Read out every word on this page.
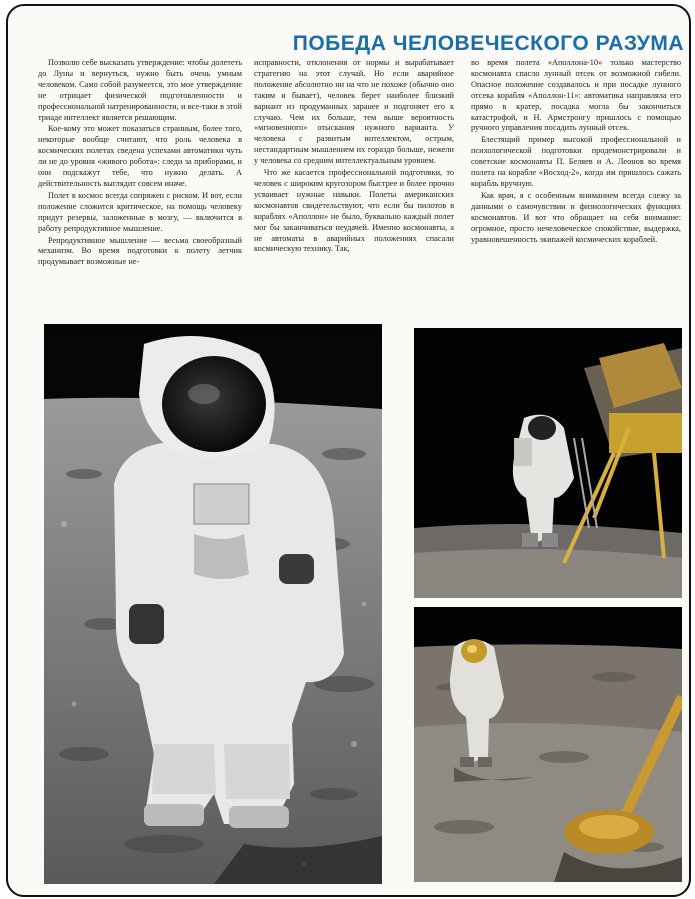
ПОБЕДА ЧЕЛОВЕЧЕСКОГО РАЗУМА

Позволю себе высказать утверждение: чтобы долететь до Луны и вернуться, нужно быть очень умным человеком. Само собой разумеется, это мое утверждение не отрицает физической подготовленности и профессиональной натренированности, и все-таки в этой триаде интеллект является решающим.

Кое-кому это может показаться странным, более того, некоторые вообще считают, что роль человека в космических полетах сведена успехами автоматики чуть ли не до уровня «живого робота»: следи за приборами, и они подскажут тебе, что нужно делать. А действительность выглядит совсем иначе.

Полет в космос всегда сопряжен с риском. И вот, если положение сложится критическое, на помощь человеку придут резервы, заложенные в мозгу, — включится в работу репродуктивное мышление.

Репродуктивное мышление — весьма своеобразный механизм. Во время подготовки к полету летчик продумывает возможные не-

исправности, отклонения от нормы и вырабатывает стратегию на этот случай. Но если аварийное положение абсолютно ни на что не похоже (обычно оно таким и бывает), человек берет наиболее близкий вариант из продуманных заранее и подгоняет его к случаю. Чем их больше, тем выше вероятность «мгновенного» отыскания нужного варианта. У человека с развитым интеллектом, острым, нестандартным мышлением их гораздо больше, нежели у человека со средним интеллектуальным уровнем.

Что же касается профессиональной подготовки, то человек с широким кругозором быстрее и более прочно усваивает нужные навыки. Полеты американских космонавтов свидетельствуют, что если бы пилотов в кораблях «Аполлон» не было, буквально каждый полет мог бы заканчиваться неудачей. Именно космонавты, а не автоматы в аварийных положениях спасали космическую технику. Так,

во время полета «Аполлона-10» только мастерство космонавта спасло лунный отсек от возможной гибели. Опасное положение создавалось и при посадке лунного отсека корабля «Аполлон-11»: автоматика направляла его прямо в кратер, посадка могла бы закончиться катастрофой, и Н. Армстронгу пришлось с помощью ручного управления посадить лунный отсек.

Блестящий пример высокой профессиональной и психологической подготовки продемонстрировали и советские космонавты П. Беляев и А. Леонов во время полета на корабле «Восход-2», когда им пришлось сажать корабль вручную.

Как врач, я с особенным вниманием всегда слежу за данными о самочувствии и физиологических функциях космонавтов. И вот что обращает на себя внимание: огромное, просто нечеловеческое спокойствие, выдержка, уравновешенность экипажей космических кораблей.
